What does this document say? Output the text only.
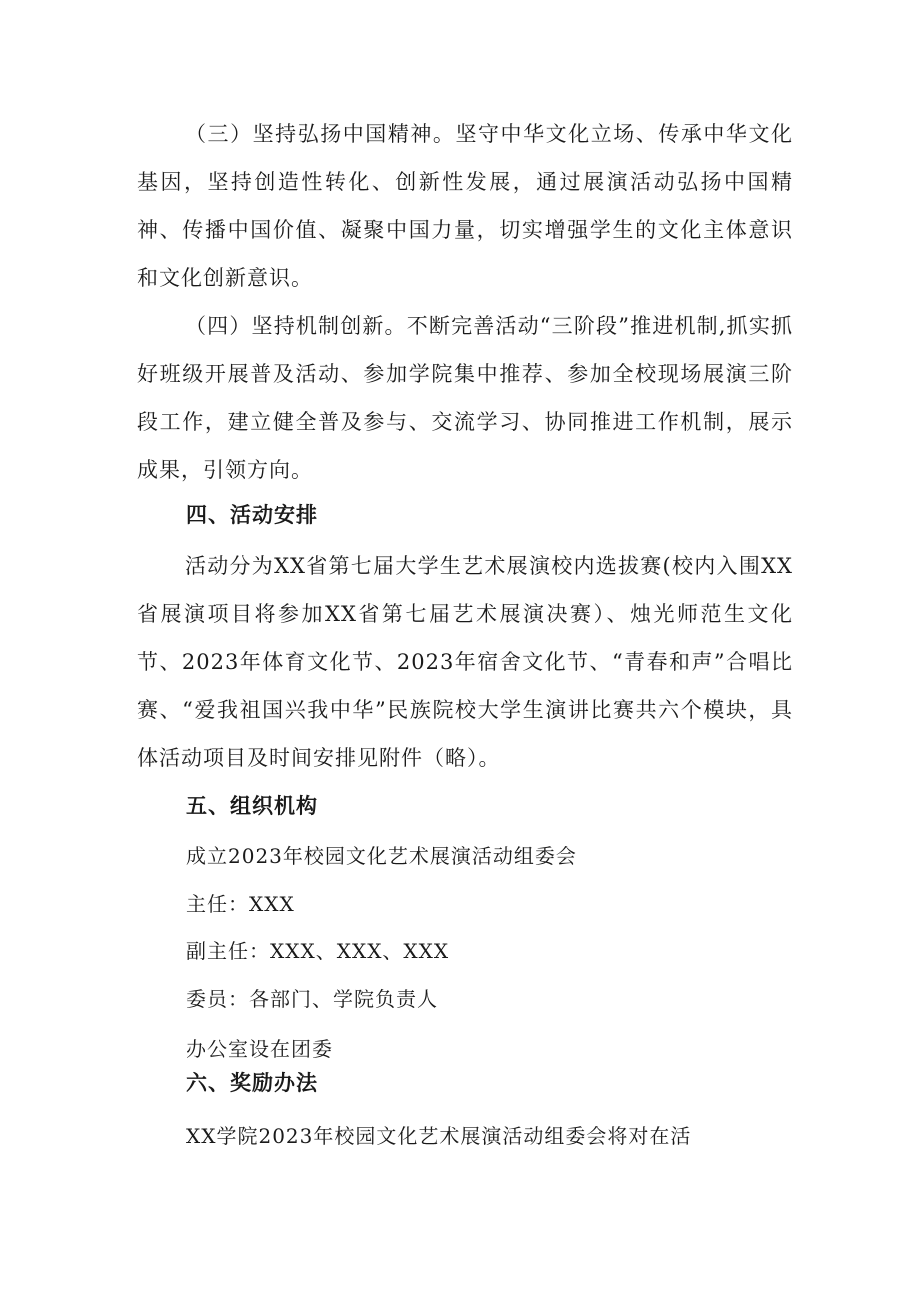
（三）坚持弘扬中国精神。坚守中华文化立场、传承中华文化基因，坚持创造性转化、创新性发展，通过展演活动弘扬中国精神、传播中国价值、凝聚中国力量，切实增强学生的文化主体意识和文化创新意识。

（四）坚持机制创新。不断完善活动“三阶段”推进机制,抓实抓好班级开展普及活动、参加学院集中推荐、参加全校现场展演三阶段工作，建立健全普及参与、交流学习、协同推进工作机制，展示成果，引领方向。

四、活动安排

活动分为XX省第七届大学生艺术展演校内选拔赛(校内入围XX省展演项目将参加XX省第七届艺术展演决赛）、烛光师范生文化节、2023年体育文化节、2023年宿舍文化节、“青春和声”合唱比赛、“爱我祖国兴我中华”民族院校大学生演讲比赛共六个模块，具体活动项目及时间安排见附件（略）。

五、组织机构

成立2023年校园文化艺术展演活动组委会

主任：XXX

副主任：XXX、XXX、XXX

委员：各部门、学院负责人

办公室设在团委

六、奖励办法

XX学院2023年校园文化艺术展演活动组委会将对在活
